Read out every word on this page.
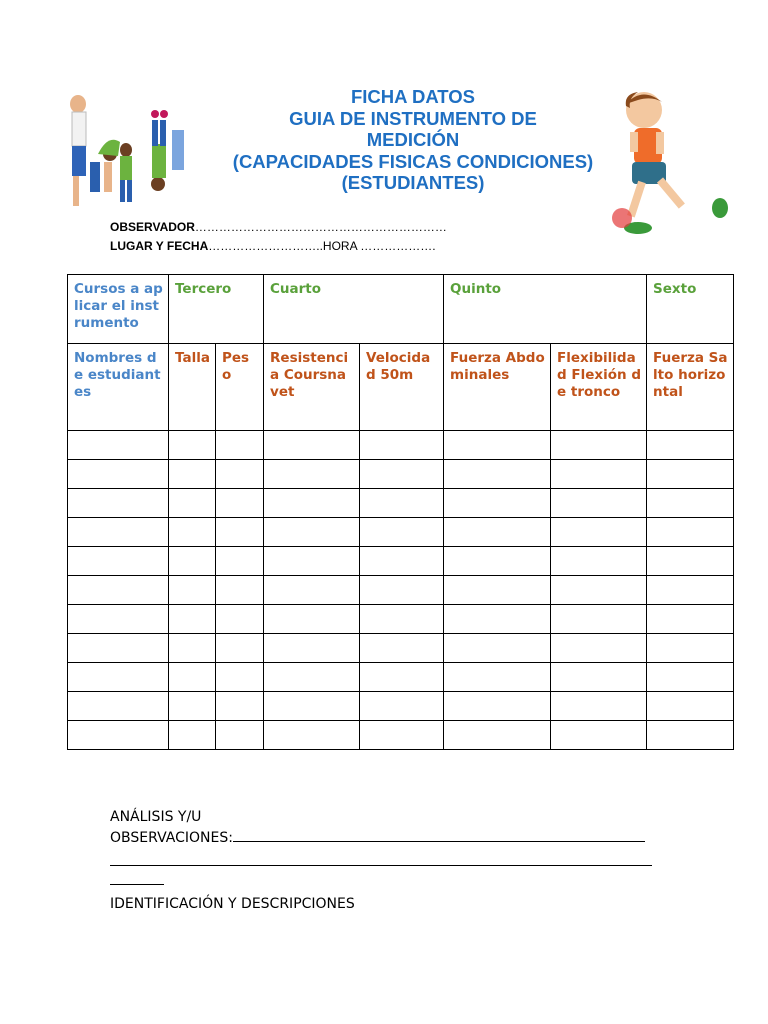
FICHA DATOS
GUIA DE INSTRUMENTO DE
MEDICIÓN
(CAPACIDADES FISICAS CONDICIONES)
(ESTUDIANTES)
OBSERVADOR………………………………………………………
LUGAR Y FECHA………………………..HORA ……………….
Cursos a aplicar el instrumento	Tercero		Cuarto		Quinto		Sexto
Nombres de estudiantes	Talla	Peso	Resistencia Coursnavet	Velocidad 50m	Fuerza Abdominales	Flexibilidad Flexión de tronco	Fuerza Salto horizontal

ANÁLISIS Y/U
OBSERVACIONES:
IDENTIFICACIÓN Y DESCRIPCIONES
